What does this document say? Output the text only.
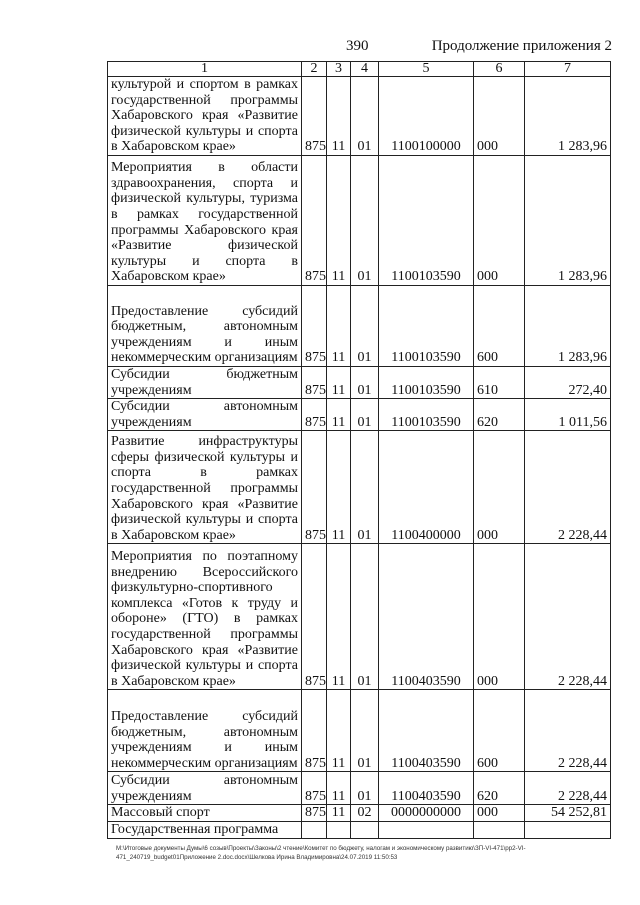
390	Продолжение приложения 2
1	2	3	4	5	6	7
культурой и спортом в рамках государственной программы Хабаровского края «Развитие физической культуры и спорта в Хабаровском крае»	875	11	01	1100100000	000	1 283,96
Мероприятия в области здравоохранения, спорта и физической культуры, туризма в рамках государственной программы Хабаровского края «Развитие физической культуры и спорта в Хабаровском крае»	875	11	01	1100103590	000	1 283,96
Предоставление субсидий бюджетным, автономным учреждениям и иным некоммерческим организациям	875	11	01	1100103590	600	1 283,96
Субсидии бюджетным учреждениям	875	11	01	1100103590	610	272,40
Субсидии автономным учреждениям	875	11	01	1100103590	620	1 011,56
Развитие инфраструктуры сферы физической культуры и спорта в рамках государственной программы Хабаровского края «Развитие физической культуры и спорта в Хабаровском крае»	875	11	01	1100400000	000	2 228,44
Мероприятия по поэтапному внедрению Всероссийского физкультурно-спортивного комплекса «Готов к труду и обороне» (ГТО) в рамках государственной программы Хабаровского края «Развитие физической культуры и спорта в Хабаровском крае»	875	11	01	1100403590	000	2 228,44
Предоставление субсидий бюджетным, автономным учреждениям и иным некоммерческим организациям	875	11	01	1100403590	600	2 228,44
Субсидии автономным учреждениям	875	11	01	1100403590	620	2 228,44
Массовый спорт	875	11	02	0000000000	000	54 252,81
Государственная программа						
M:\Итоговые документы Думы\6 созыв\Проекты\Законы\2 чтение\Комитет по бюджету, налогам и экономическому развитию\ЗП-VI-471\pp2-VI-
471_240719_budget01Приложение 2.doc.docx\Шелкова Ирина Владимировна\24.07.2019 11:50:53
